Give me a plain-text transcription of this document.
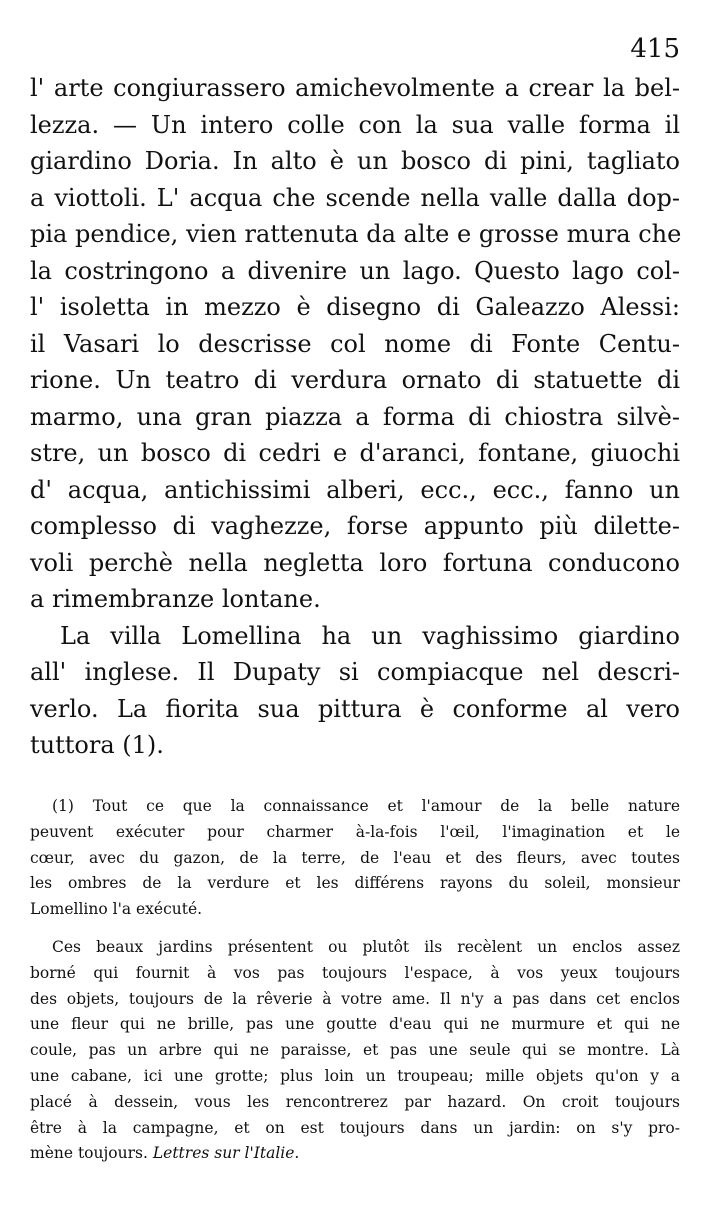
415
l' arte congiurassero amichevolmente a crear la bel-
lezza. — Un intero colle con la sua valle forma il
giardino Doria. In alto è un bosco di pini, tagliato
a viottoli. L' acqua che scende nella valle dalla dop-
pia pendice, vien rattenuta da alte e grosse mura che
la costringono a divenire un lago. Questo lago col-
l' isoletta in mezzo è disegno di Galeazzo Alessi:
il Vasari lo descrisse col nome di Fonte Centu-
rione. Un teatro di verdura ornato di statuette di
marmo, una gran piazza a forma di chiostra silvè-
stre, un bosco di cedri e d'aranci, fontane, giuochi
d' acqua, antichissimi alberi, ecc., ecc., fanno un
complesso di vaghezze, forse appunto più dilette-
voli perchè nella negletta loro fortuna conducono
a rimembranze lontane.
La villa Lomellina ha un vaghissimo giardino
all' inglese. Il Dupaty si compiacque nel descri-
verlo. La fiorita sua pittura è conforme al vero
tuttora (1).
(1) Tout ce que la connaissance et l'amour de la belle nature
peuvent exécuter pour charmer à-la-fois l'œil, l'imagination et le
cœur, avec du gazon, de la terre, de l'eau et des fleurs, avec toutes
les ombres de la verdure et les différens rayons du soleil, monsieur
Lomellino l'a exécuté.
Ces beaux jardins présentent ou plutôt ils recèlent un enclos assez
borné qui fournit à vos pas toujours l'espace, à vos yeux toujours
des objets, toujours de la rêverie à votre ame. Il n'y a pas dans cet enclos
une fleur qui ne brille, pas une goutte d'eau qui ne murmure et qui ne
coule, pas un arbre qui ne paraisse, et pas une seule qui se montre. Là
une cabane, ici une grotte; plus loin un troupeau; mille objets qu'on y a
placé à dessein, vous les rencontrerez par hazard. On croit toujours
être à la campagne, et on est toujours dans un jardin: on s'y pro-
mène toujours. Lettres sur l'Italie.
